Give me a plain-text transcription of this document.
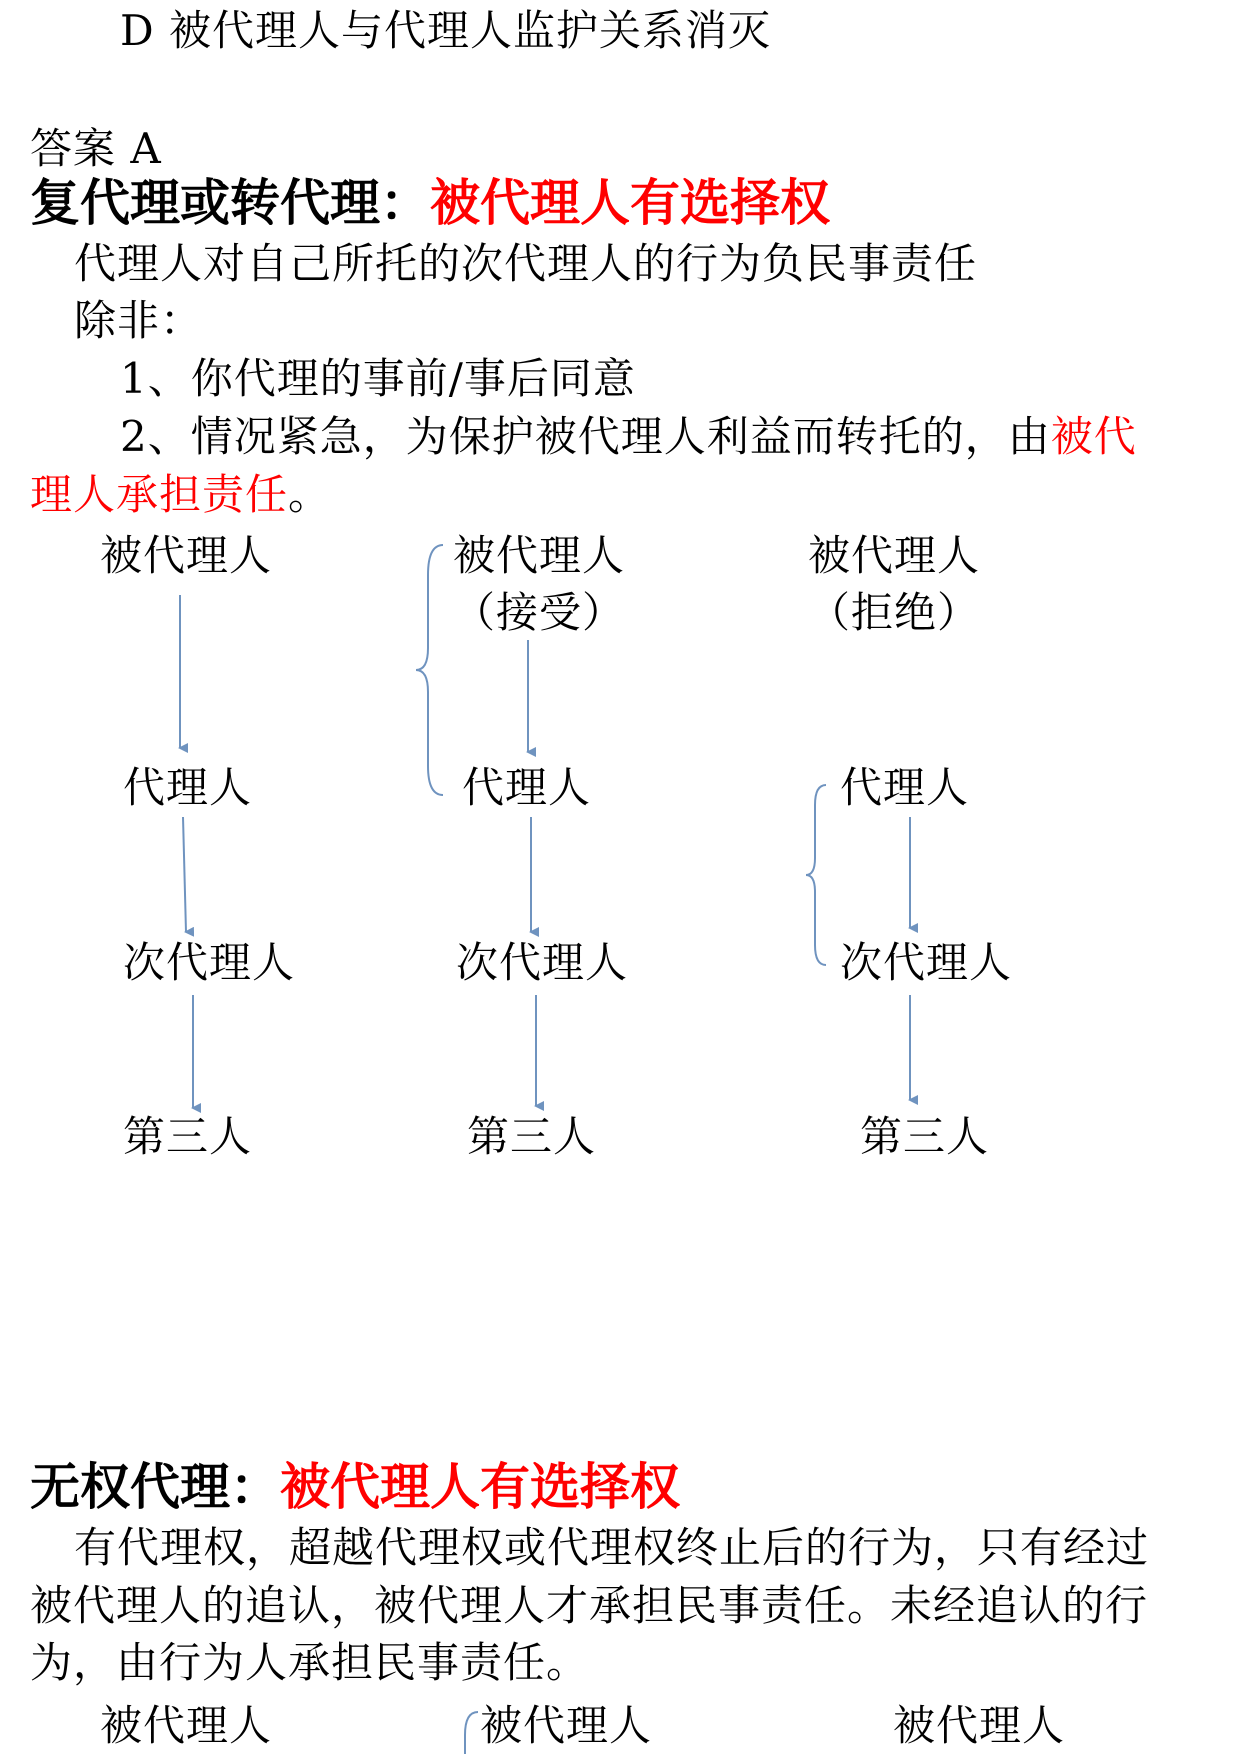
D 被代理人与代理人监护关系消灭
答案 A
复代理或转代理：被代理人有选择权
代理人对自己所托的次代理人的行为负民事责任
除非：
1、你代理的事前/事后同意
2、情况紧急，为保护被代理人利益而转托的，由被代
理人承担责任。
被代理人
代理人
次代理人
第三人
被代理人
（接受）
代理人
次代理人
第三人
被代理人
（拒绝）
代理人
次代理人
第三人
无权代理：被代理人有选择权
有代理权，超越代理权或代理权终止后的行为，只有经过
被代理人的追认，被代理人才承担民事责任。未经追认的行
为，由行为人承担民事责任。
被代理人	被代理人	被代理人
